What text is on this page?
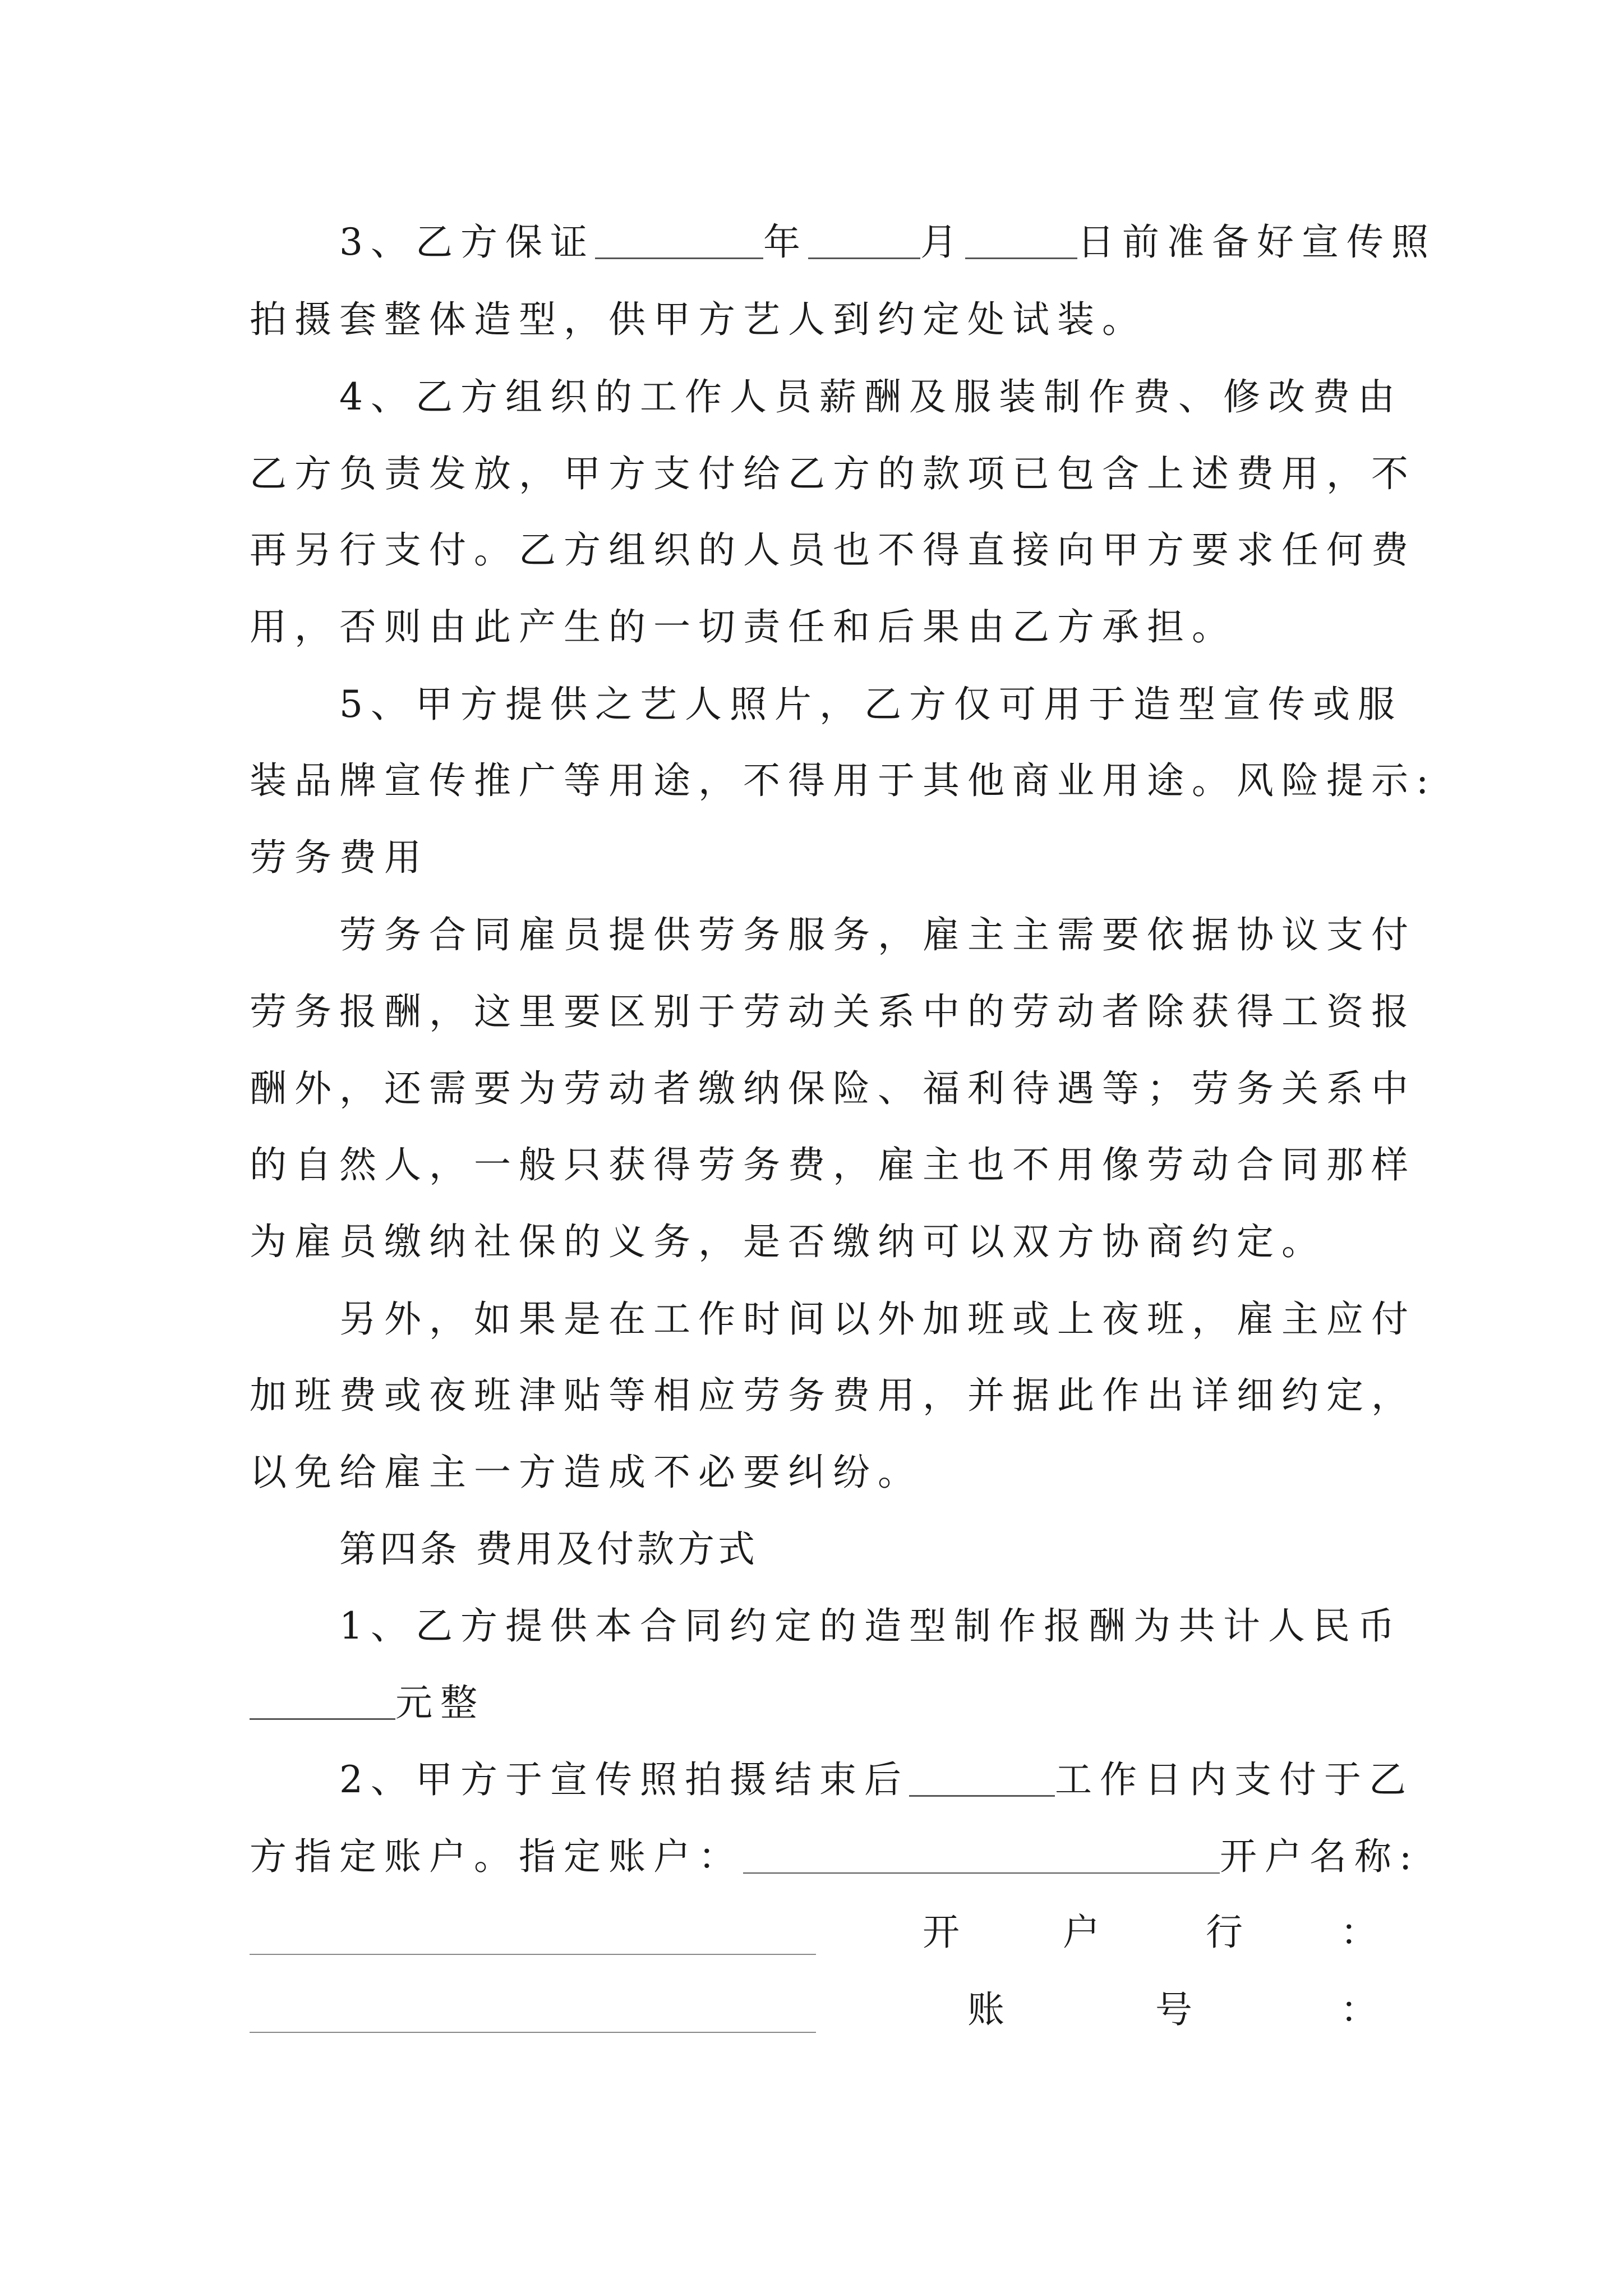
3、乙方保证	年	月	日前准备好宣传照
拍摄套整体造型，供甲方艺人到约定处试装。
4、乙方组织的工作人员薪酬及服装制作费、修改费由
乙方负责发放，甲方支付给乙方的款项已包含上述费用，不
再另行支付。乙方组织的人员也不得直接向甲方要求任何费
用，否则由此产生的一切责任和后果由乙方承担。
5、甲方提供之艺人照片，乙方仅可用于造型宣传或服
装品牌宣传推广等用途，不得用于其他商业用途。风险提示:
劳务费用
劳务合同雇员提供劳务服务，雇主主需要依据协议支付
劳务报酬，这里要区别于劳动关系中的劳动者除获得工资报
酬外，还需要为劳动者缴纳保险、福利待遇等；劳务关系中
的自然人，一般只获得劳务费，雇主也不用像劳动合同那样
为雇员缴纳社保的义务，是否缴纳可以双方协商约定。
另外，如果是在工作时间以外加班或上夜班，雇主应付
加班费或夜班津贴等相应劳务费用，并据此作出详细约定，
以免给雇主一方造成不必要纠纷。
第四条 费用及付款方式
1、乙方提供本合同约定的造型制作报酬为共计人民币
元整
2、甲方于宣传照拍摄结束后	工作日内支付于乙
方指定账户。指定账户：	开户名称:
开	户	行	：
账	号	：
